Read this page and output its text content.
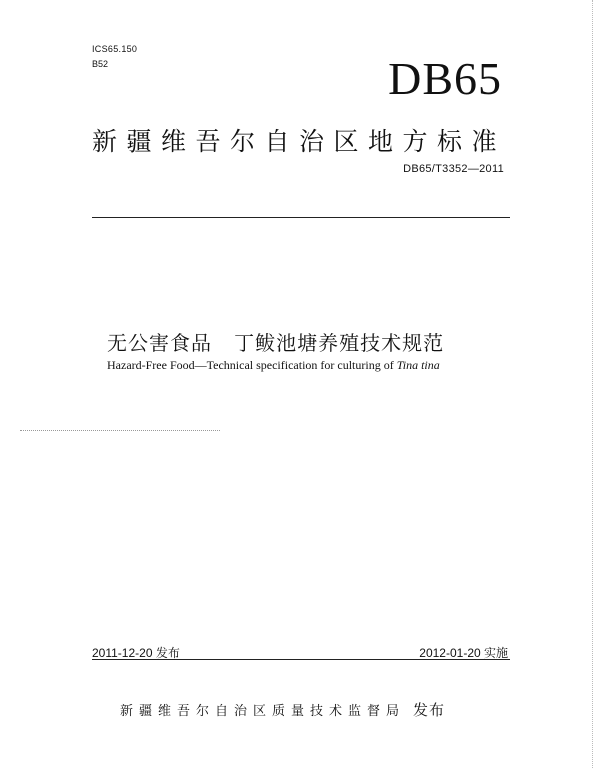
ICS65.150
B52	DB65
新疆维吾尔自治区地方标准
DB65/T3352—2011
无公害食品   丁鲅池塘养殖技术规范
Hazard-Free Food—Technical specification for culturing of Tina tina
2011-12-20 发布	2012-01-20 实施
新疆维吾尔自治区质量技术监督局 发布
